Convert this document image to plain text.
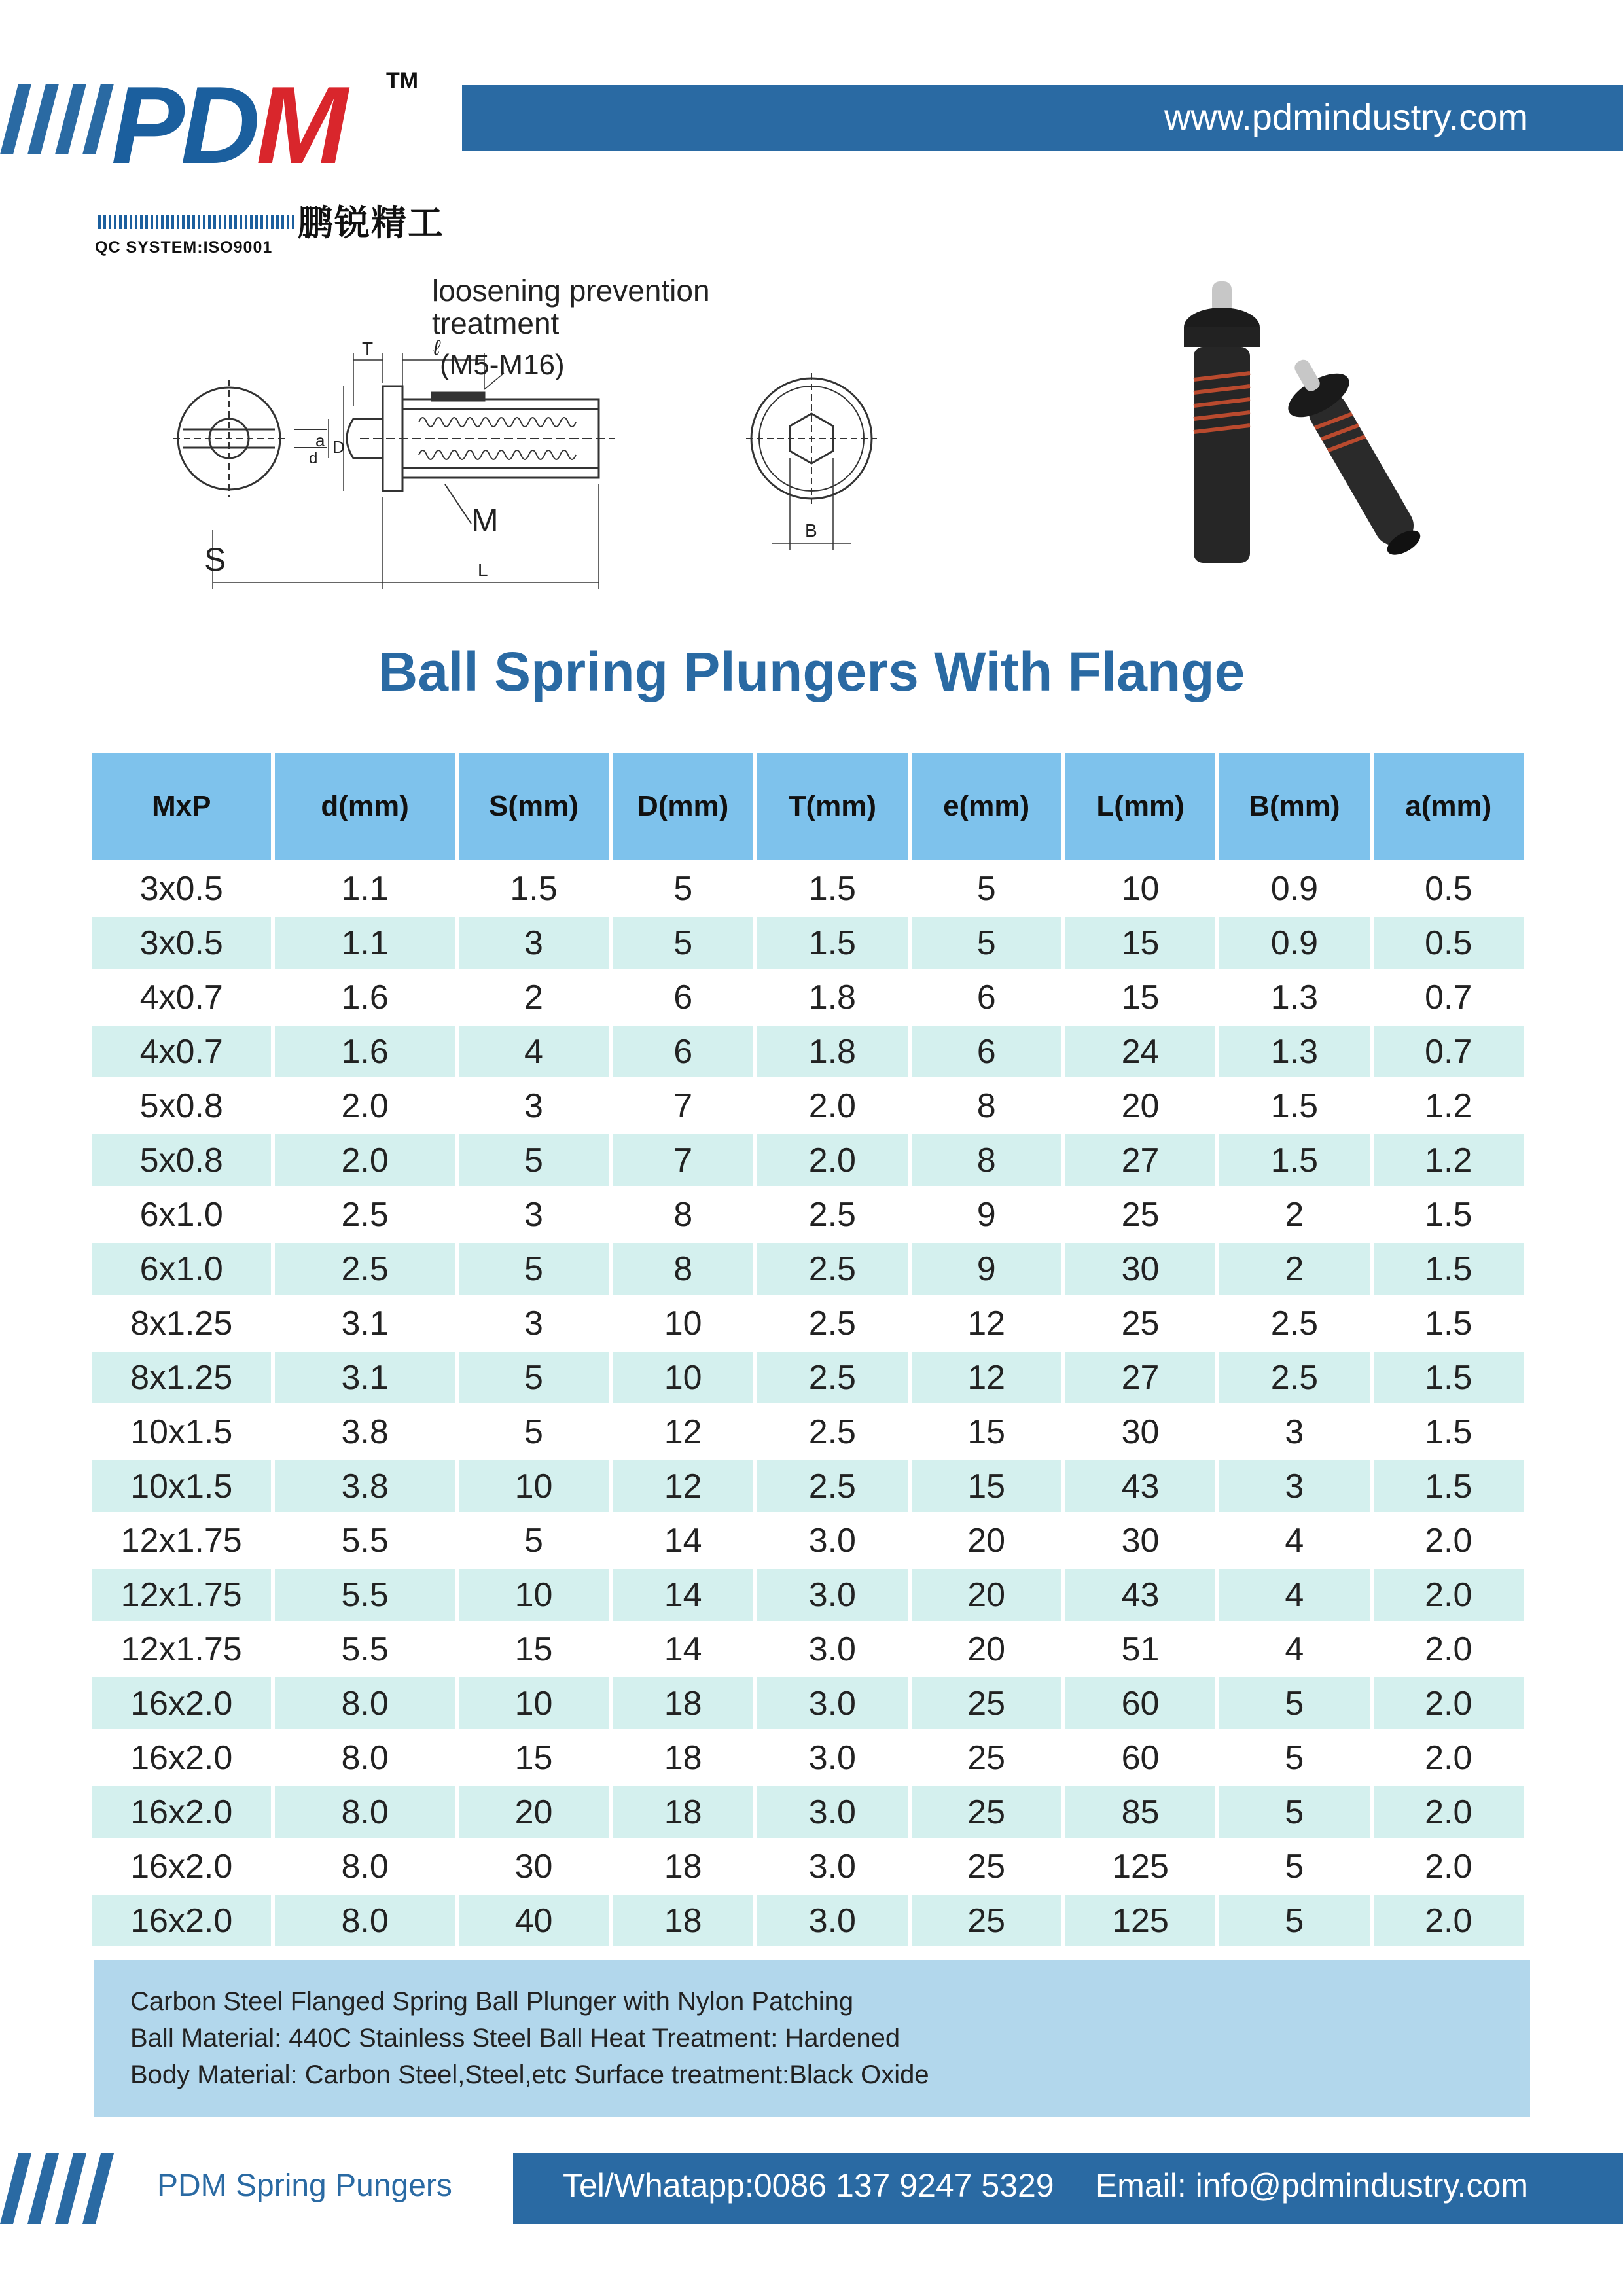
PDM TM
鹏锐精工
QC SYSTEM:ISO9001
www.pdmindustry.com
loosening prevention
treatment
(M5-M16)
ℓ
T
a D
d
M
S	L
B
Ball Spring Plungers With Flange
MxP	d(mm)	S(mm)	D(mm)	T(mm)	e(mm)	L(mm)	B(mm)	a(mm)
3x0.5	1.1	1.5	5	1.5	5	10	0.9	0.5
3x0.5	1.1	3	5	1.5	5	15	0.9	0.5
4x0.7	1.6	2	6	1.8	6	15	1.3	0.7
4x0.7	1.6	4	6	1.8	6	24	1.3	0.7
5x0.8	2.0	3	7	2.0	8	20	1.5	1.2
5x0.8	2.0	5	7	2.0	8	27	1.5	1.2
6x1.0	2.5	3	8	2.5	9	25	2	1.5
6x1.0	2.5	5	8	2.5	9	30	2	1.5
8x1.25	3.1	3	10	2.5	12	25	2.5	1.5
8x1.25	3.1	5	10	2.5	12	27	2.5	1.5
10x1.5	3.8	5	12	2.5	15	30	3	1.5
10x1.5	3.8	10	12	2.5	15	43	3	1.5
12x1.75	5.5	5	14	3.0	20	30	4	2.0
12x1.75	5.5	10	14	3.0	20	43	4	2.0
12x1.75	5.5	15	14	3.0	20	51	4	2.0
16x2.0	8.0	10	18	3.0	25	60	5	2.0
16x2.0	8.0	15	18	3.0	25	60	5	2.0
16x2.0	8.0	20	18	3.0	25	85	5	2.0
16x2.0	8.0	30	18	3.0	25	125	5	2.0
16x2.0	8.0	40	18	3.0	25	125	5	2.0
Carbon Steel Flanged Spring Ball Plunger with Nylon Patching
Ball Material: 440C Stainless Steel Ball Heat Treatment: Hardened
Body Material: Carbon Steel,Steel,etc Surface treatment:Black Oxide
PDM Spring Pungers	Tel/Whatapp:0086 137 9247 5329 Email: info@pdmindustry.com
